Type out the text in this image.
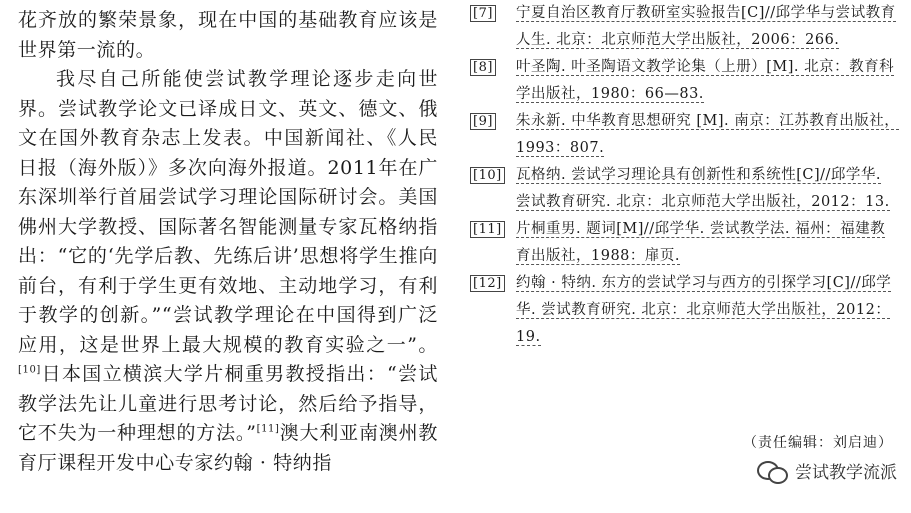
花齐放的繁荣景象，现在中国的基础教育应该是世界第一流的。

我尽自己所能使尝试教学理论逐步走向世界。尝试教学论文已译成日文、英文、德文、俄文在国外教育杂志上发表。中国新闻社、《人民日报（海外版）》多次向海外报道。2011年在广东深圳举行首届尝试学习理论国际研讨会。美国佛州大学教授、国际著名智能测量专家瓦格纳指出：“它的‘先学后教、先练后讲’思想将学生推向前台，有利于学生更有效地、主动地学习，有利于教学的创新。”“尝试教学理论在中国得到广泛应用，这是世界上最大规模的教育实验之一”。[10]日本国立横滨大学片桐重男教授指出：“尝试教学法先让儿童进行思考讨论，然后给予指导，它不失为一种理想的方法。”[11]澳大利亚南澳州教育厅课程开发中心专家约翰 · 特纳指

[7]	宁夏自治区教育厅教研室实验报告[C]//邱学华与尝试教育人生. 北京：北京师范大学出版社，2006：266.
[8]	叶圣陶. 叶圣陶语文教学论集（上册）[M]. 北京：教育科学出版社，1980：66—83.
[9]	朱永新. 中华教育思想研究 [M]. 南京：江苏教育出版社，1993：807.
[10] 瓦格纳. 尝试学习理论具有创新性和系统性[C]//邱学华. 尝试教育研究. 北京：北京师范大学出版社，2012：13.
[11] 片桐重男. 题词[M]//邱学华. 尝试教学法. 福州：福建教育出版社，1988：扉页.
[12] 约翰 · 特纳. 东方的尝试学习与西方的引探学习[C]//邱学华. 尝试教育研究. 北京：北京师范大学出版社，2012：19.
（责任编辑：刘启迪）
尝试教学流派
